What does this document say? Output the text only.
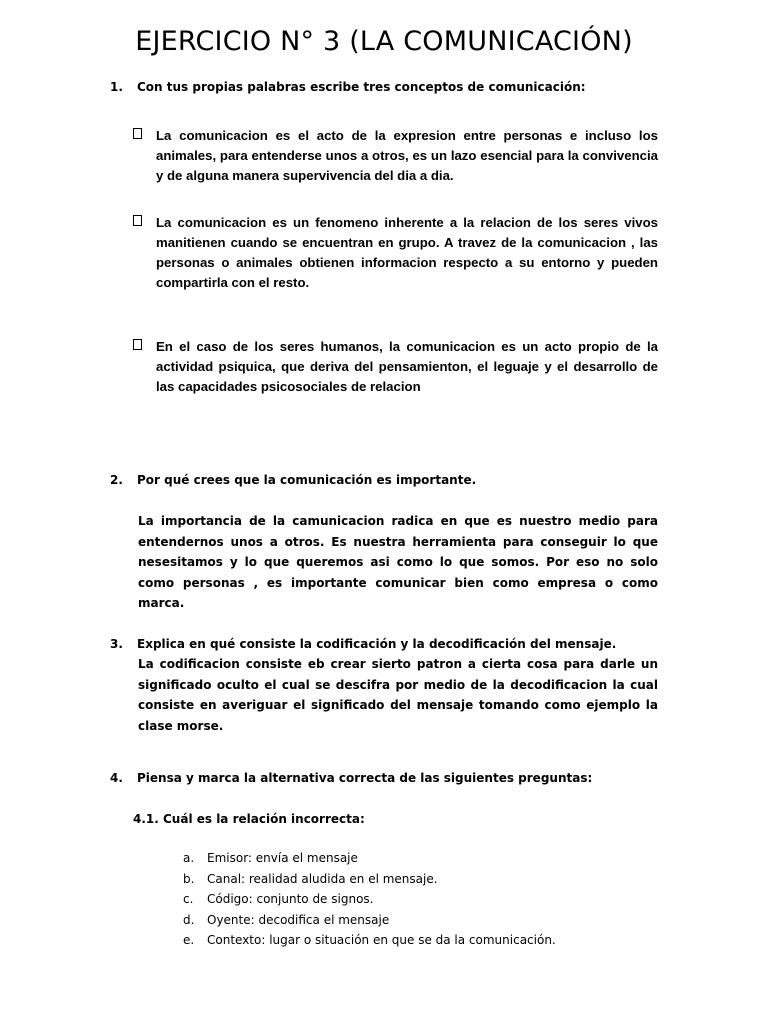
EJERCICIO N° 3 (LA COMUNICACIÓN)
1. Con tus propias palabras escribe tres conceptos de comunicación:
La comunicacion es el acto de la expresion entre personas e incluso los animales, para entenderse unos a otros, es un lazo esencial para la convivencia y de alguna manera supervivencia del dia a dia.
La comunicacion es un fenomeno inherente a la relacion de los seres vivos manitienen cuando se encuentran en grupo. A travez de la comunicacion , las personas o animales obtienen informacion respecto a su entorno y pueden compartirla con el resto.
En el caso de los seres humanos, la comunicacion es un acto propio de la actividad psiquica, que deriva del pensamienton, el leguaje y el desarrollo de las capacidades psicosociales de relacion
2. Por qué crees que la comunicación es importante.

La importancia de la camunicacion radica en que es nuestro medio para entendernos unos a otros. Es nuestra herramienta para conseguir lo que nesesitamos y lo que queremos asi como lo que somos. Por eso no solo como personas , es importante comunicar bien como empresa o como marca.

3. Explica en qué consiste la codificación y la decodificación del mensaje.

La codificacion consiste eb crear sierto patron a cierta cosa para darle un significado oculto el cual se descifra por medio de la decodificacion la cual consiste en averiguar el significado del mensaje tomando como ejemplo la clase morse.

4. Piensa y marca la alternativa correcta de las siguientes preguntas:
4.1. Cuál es la relación incorrecta:
a. Emisor: envía el mensaje
b. Canal: realidad aludida en el mensaje.
c. Código: conjunto de signos.
d. Oyente: decodifica el mensaje
e. Contexto: lugar o situación en que se da la comunicación.
